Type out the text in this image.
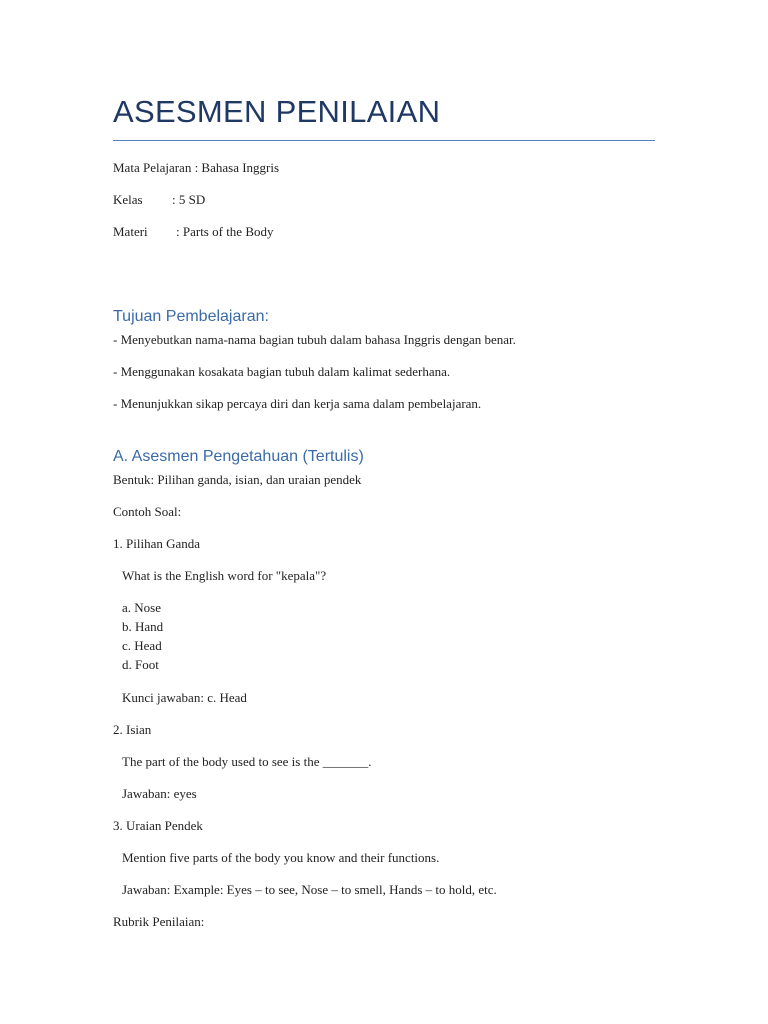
ASESMEN PENILAIAN
Mata Pelajaran : Bahasa Inggris
Kelas : 5 SD
Materi : Parts of the Body
Tujuan Pembelajaran:
- Menyebutkan nama-nama bagian tubuh dalam bahasa Inggris dengan benar.
- Menggunakan kosakata bagian tubuh dalam kalimat sederhana.
- Menunjukkan sikap percaya diri dan kerja sama dalam pembelajaran.
A. Asesmen Pengetahuan (Tertulis)
Bentuk: Pilihan ganda, isian, dan uraian pendek
Contoh Soal:
1. Pilihan Ganda
What is the English word for "kepala"?
a. Nose
b. Hand
c. Head
d. Foot
Kunci jawaban: c. Head
2. Isian
The part of the body used to see is the _______.
Jawaban: eyes
3. Uraian Pendek
Mention five parts of the body you know and their functions.
Jawaban: Example: Eyes – to see, Nose – to smell, Hands – to hold, etc.
Rubrik Penilaian:
